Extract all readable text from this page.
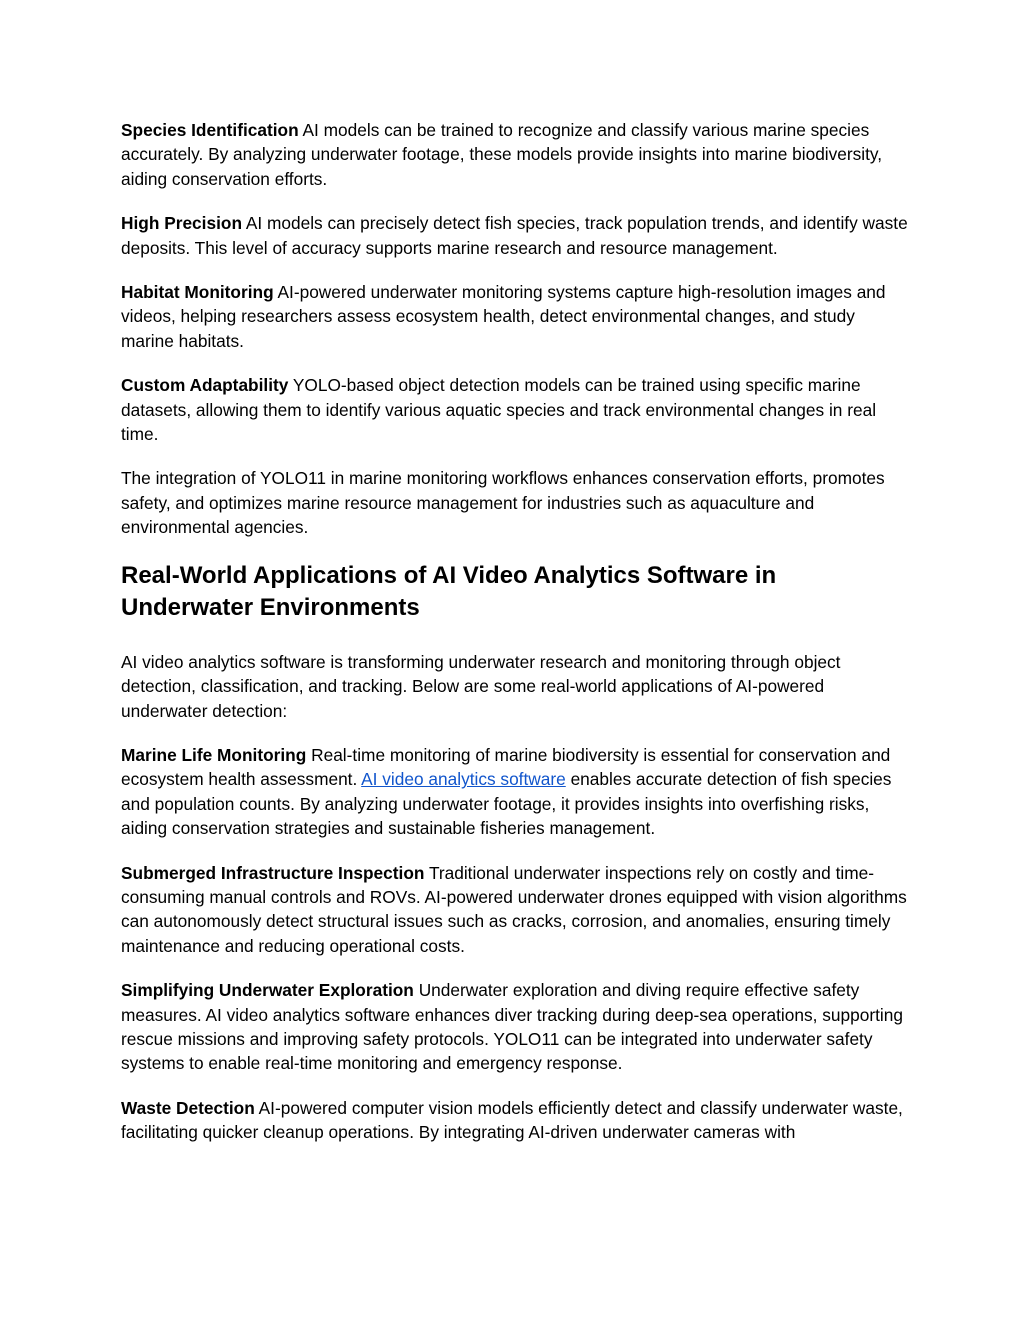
Species Identification AI models can be trained to recognize and classify various marine species accurately. By analyzing underwater footage, these models provide insights into marine biodiversity, aiding conservation efforts.

High Precision AI models can precisely detect fish species, track population trends, and identify waste deposits. This level of accuracy supports marine research and resource management.

Habitat Monitoring AI-powered underwater monitoring systems capture high-resolution images and videos, helping researchers assess ecosystem health, detect environmental changes, and study marine habitats.

Custom Adaptability YOLO-based object detection models can be trained using specific marine datasets, allowing them to identify various aquatic species and track environmental changes in real time.

The integration of YOLO11 in marine monitoring workflows enhances conservation efforts, promotes safety, and optimizes marine resource management for industries such as aquaculture and environmental agencies.

Real-World Applications of AI Video Analytics Software in Underwater Environments

AI video analytics software is transforming underwater research and monitoring through object detection, classification, and tracking. Below are some real-world applications of AI-powered underwater detection:

Marine Life Monitoring Real-time monitoring of marine biodiversity is essential for conservation and ecosystem health assessment. AI video analytics software enables accurate detection of fish species and population counts. By analyzing underwater footage, it provides insights into overfishing risks, aiding conservation strategies and sustainable fisheries management.

Submerged Infrastructure Inspection Traditional underwater inspections rely on costly and time-consuming manual controls and ROVs. AI-powered underwater drones equipped with vision algorithms can autonomously detect structural issues such as cracks, corrosion, and anomalies, ensuring timely maintenance and reducing operational costs.

Simplifying Underwater Exploration Underwater exploration and diving require effective safety measures. AI video analytics software enhances diver tracking during deep-sea operations, supporting rescue missions and improving safety protocols. YOLO11 can be integrated into underwater safety systems to enable real-time monitoring and emergency response.

Waste Detection AI-powered computer vision models efficiently detect and classify underwater waste, facilitating quicker cleanup operations. By integrating AI-driven underwater cameras with
